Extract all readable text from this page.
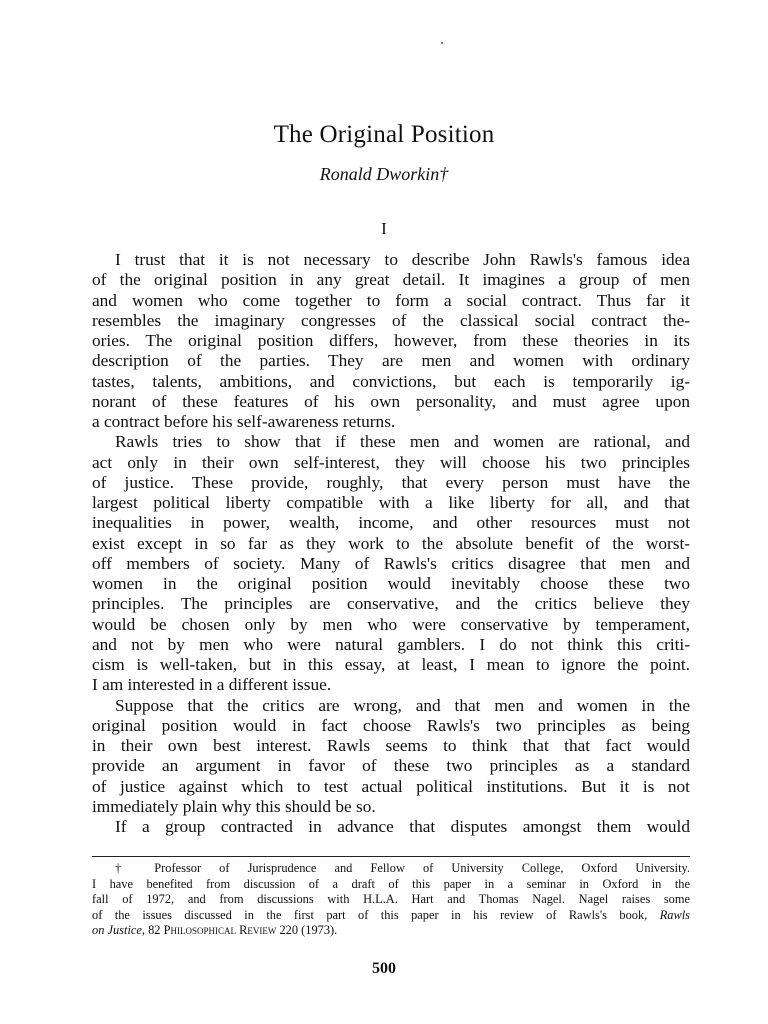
The Original Position

Ronald Dworkin†

I

I trust that it is not necessary to describe John Rawls's famous idea
of the original position in any great detail. It imagines a group of men
and women who come together to form a social contract. Thus far it
resembles the imaginary congresses of the classical social contract the-
ories. The original position differs, however, from these theories in its
description of the parties. They are men and women with ordinary
tastes, talents, ambitions, and convictions, but each is temporarily ig-
norant of these features of his own personality, and must agree upon
a contract before his self-awareness returns.
Rawls tries to show that if these men and women are rational, and
act only in their own self-interest, they will choose his two principles
of justice. These provide, roughly, that every person must have the
largest political liberty compatible with a like liberty for all, and that
inequalities in power, wealth, income, and other resources must not
exist except in so far as they work to the absolute benefit of the worst-
off members of society. Many of Rawls's critics disagree that men and
women in the original position would inevitably choose these two
principles. The principles are conservative, and the critics believe they
would be chosen only by men who were conservative by temperament,
and not by men who were natural gamblers. I do not think this criti-
cism is well-taken, but in this essay, at least, I mean to ignore the point.
I am interested in a different issue.
Suppose that the critics are wrong, and that men and women in the
original position would in fact choose Rawls's two principles as being
in their own best interest. Rawls seems to think that that fact would
provide an argument in favor of these two principles as a standard
of justice against which to test actual political institutions. But it is not
immediately plain why this should be so.
If a group contracted in advance that disputes amongst them would
† Professor of Jurisprudence and Fellow of University College, Oxford University.
I have benefited from discussion of a draft of this paper in a seminar in Oxford in the
fall of 1972, and from discussions with H.L.A. Hart and Thomas Nagel. Nagel raises some
of the issues discussed in the first part of this paper in his review of Rawls's book, Rawls
on Justice, 82 Philosophical Review 220 (1973).
500
